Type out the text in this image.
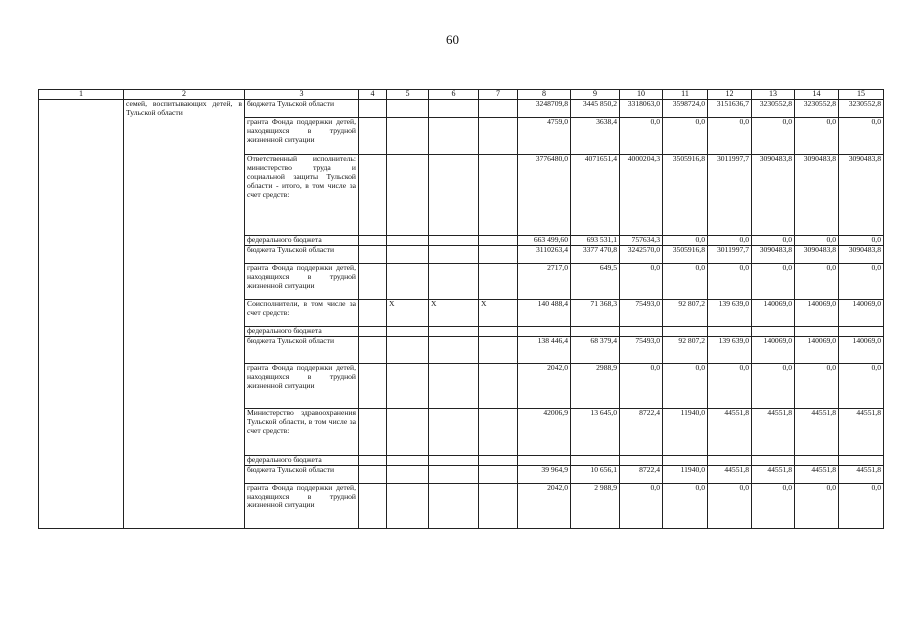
60
1	2	3	4	5	6	7	8	9	10	11	12	13	14	15
	семей, воспитывающих детей, в Тульской области	бюджета Тульской области					3248709,8	3445 850,2	3318063,0	3598724,0	3151636,7	3230552,8	3230552,8	3230552,8
		гранта Фонда поддержки детей, находящихся в трудной жизненной ситуации					4759,0	3638,4	0,0	0,0	0,0	0,0	0,0	0,0
		Ответственный исполнитель: министерство труда и социальной защиты Тульской области - итого, в том числе за счет средств:					3776480,0	4071651,4	4000204,3	3505916,8	3011997,7	3090483,8	3090483,8	3090483,8
		федерального бюджета					663 499,60	693 531,1	757634,3	0,0	0,0	0,0	0,0	0,0
		бюджета Тульской области					3110263,4	3377 470,8	3242570,0	3505916,8	3011997,7	3090483,8	3090483,8	3090483,8
		гранта Фонда поддержки детей, находящихся в трудной жизненной ситуации					2717,0	649,5	0,0	0,0	0,0	0,0	0,0	0,0
		Соисполнители, в том числе за счет средств:		Х	Х	Х	140 488,4	71 368,3	75493,0	92 807,2	139 639,0	140069,0	140069,0	140069,0
		федерального бюджета												
		бюджета Тульской области					138 446,4	68 379,4	75493,0	92 807,2	139 639,0	140069,0	140069,0	140069,0
		гранта Фонда поддержки детей, находящихся в трудной жизненной ситуации					2042,0	2988,9	0,0	0,0	0,0	0,0	0,0	0,0
		Министерство здравоохранения Тульской области, в том числе за счет средств:					42006,9	13 645,0	8722,4	11940,0	44551,8	44551,8	44551,8	44551,8
		федерального бюджета												
		бюджета Тульской области					39 964,9	10 656,1	8722,4	11940,0	44551,8	44551,8	44551,8	44551,8
		гранта Фонда поддержки детей, находящихся в трудной жизненной ситуации					2042,0	2 988,9	0,0	0,0	0,0	0,0	0,0	0,0
